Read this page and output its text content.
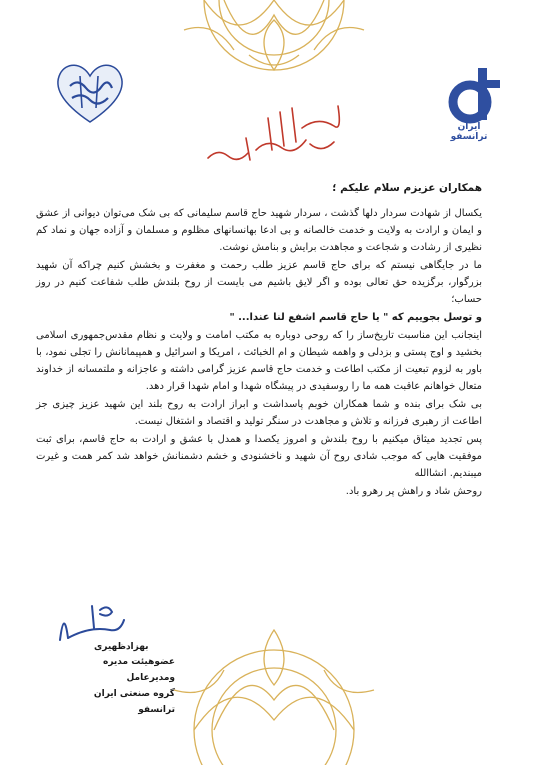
ایران ترانسفو

همکاران عزیزم سلام علیکم ؛

یکسال از شهادت سردار دلها گذشت ، سردار شهید حاج قاسم سلیمانی که بی شک می‌توان دیوانی از عشق و ایمان و ارادت به ولایت و خدمت خالصانه و بی ادعا بهانسانهای مظلوم و مسلمان و آزاده جهان و نماد کم نظیری از رشادت و شجاعت و مجاهدت برایش و بنامش نوشت.

ما در جایگاهی نیستم که برای حاج قاسم عزیز طلب رحمت و مغفرت و بخشش کنیم چراکه آن شهید بزرگوار، برگزیده حق تعالی بوده و اگر لایق باشیم می بایست از روح بلندش طلب شفاعت کنیم در روز حساب؛

و توسل بجوییم که " یا حاج قاسم اشفع لنا عندا... "

اینجانب این مناسبت تاریخ‌ساز را که روحی دوباره به مکتب امامت و ولایت و نظام مقدس‌جمهوری اسلامی بخشید و اوج پستی و بزدلی و واهمه شیطان و ام الخبائث ، امریکا و اسرائیل و همپیمانانش را تجلی نمود، با باور به لزوم تبعیت از مکتب اطاعت و خدمت حاج قاسم عزیز گرامی داشته و عاجزانه و ملتمسانه از خداوند متعال خواهانم عاقبت همه ما را روسفیدی در پیشگاه شهدا و امام شهدا قرار دهد.

بی شک برای بنده و شما همکاران خوبم پاسداشت و ابراز ارادت به روح بلند این شهید عزیز چیزی جز اطاعت از رهبری فرزانه و تلاش و مجاهدت در سنگر تولید و اقتصاد و اشتغال نیست.

پس تجدید میثاق میکنیم با روح بلندش و امروز یکصدا و همدل با عشق و ارادت به حاج قاسم، برای ثبت موفقیت هایی که موجب شادی روح آن شهید و ناخشنودی و خشم دشمنانش خواهد شد کمر همت و غیرت میبندیم. انشاالله

روحش شاد و راهش پر رهرو باد.

بهزادظهیری
عضوهیئت مدیره ومدیرعامل
گروه صنعتی ایران ترانسفو
